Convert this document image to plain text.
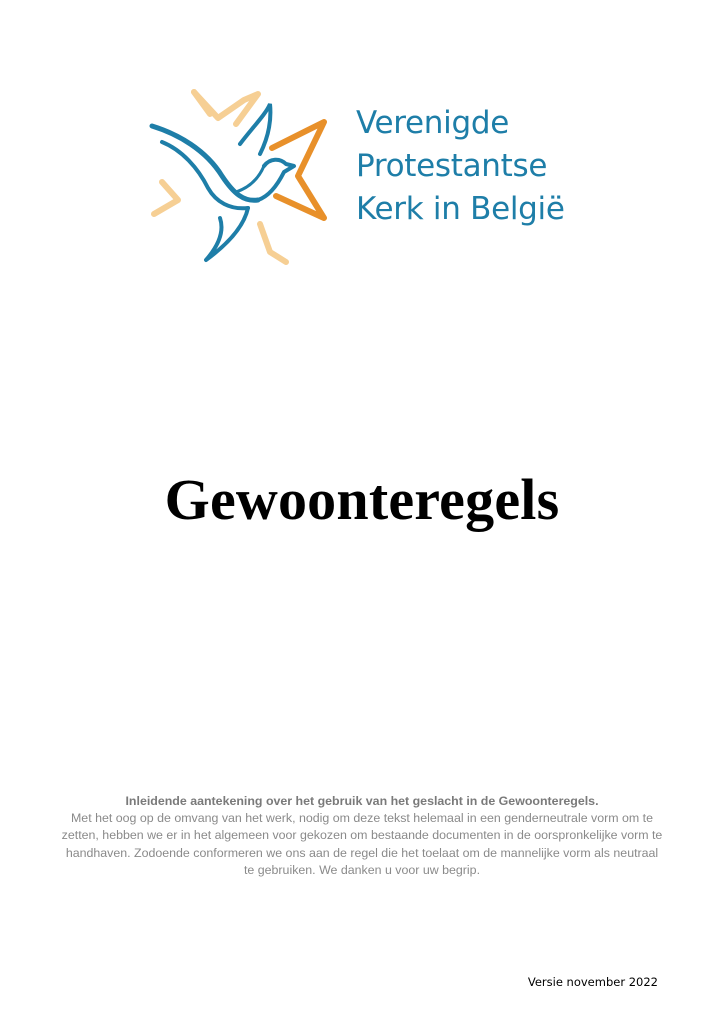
Verenigde
Protestantse
Kerk in België
Gewoonteregels
Inleidende aantekening over het gebruik van het geslacht in de Gewoonteregels.
Met het oog op de omvang van het werk, nodig om deze tekst helemaal in een genderneutrale vorm om te zetten, hebben we er in het algemeen voor gekozen om bestaande documenten in de oorspronkelijke vorm te handhaven. Zodoende conformeren we ons aan de regel die het toelaat om de mannelijke vorm als neutraal te gebruiken. We danken u voor uw begrip.
Versie november 2022
